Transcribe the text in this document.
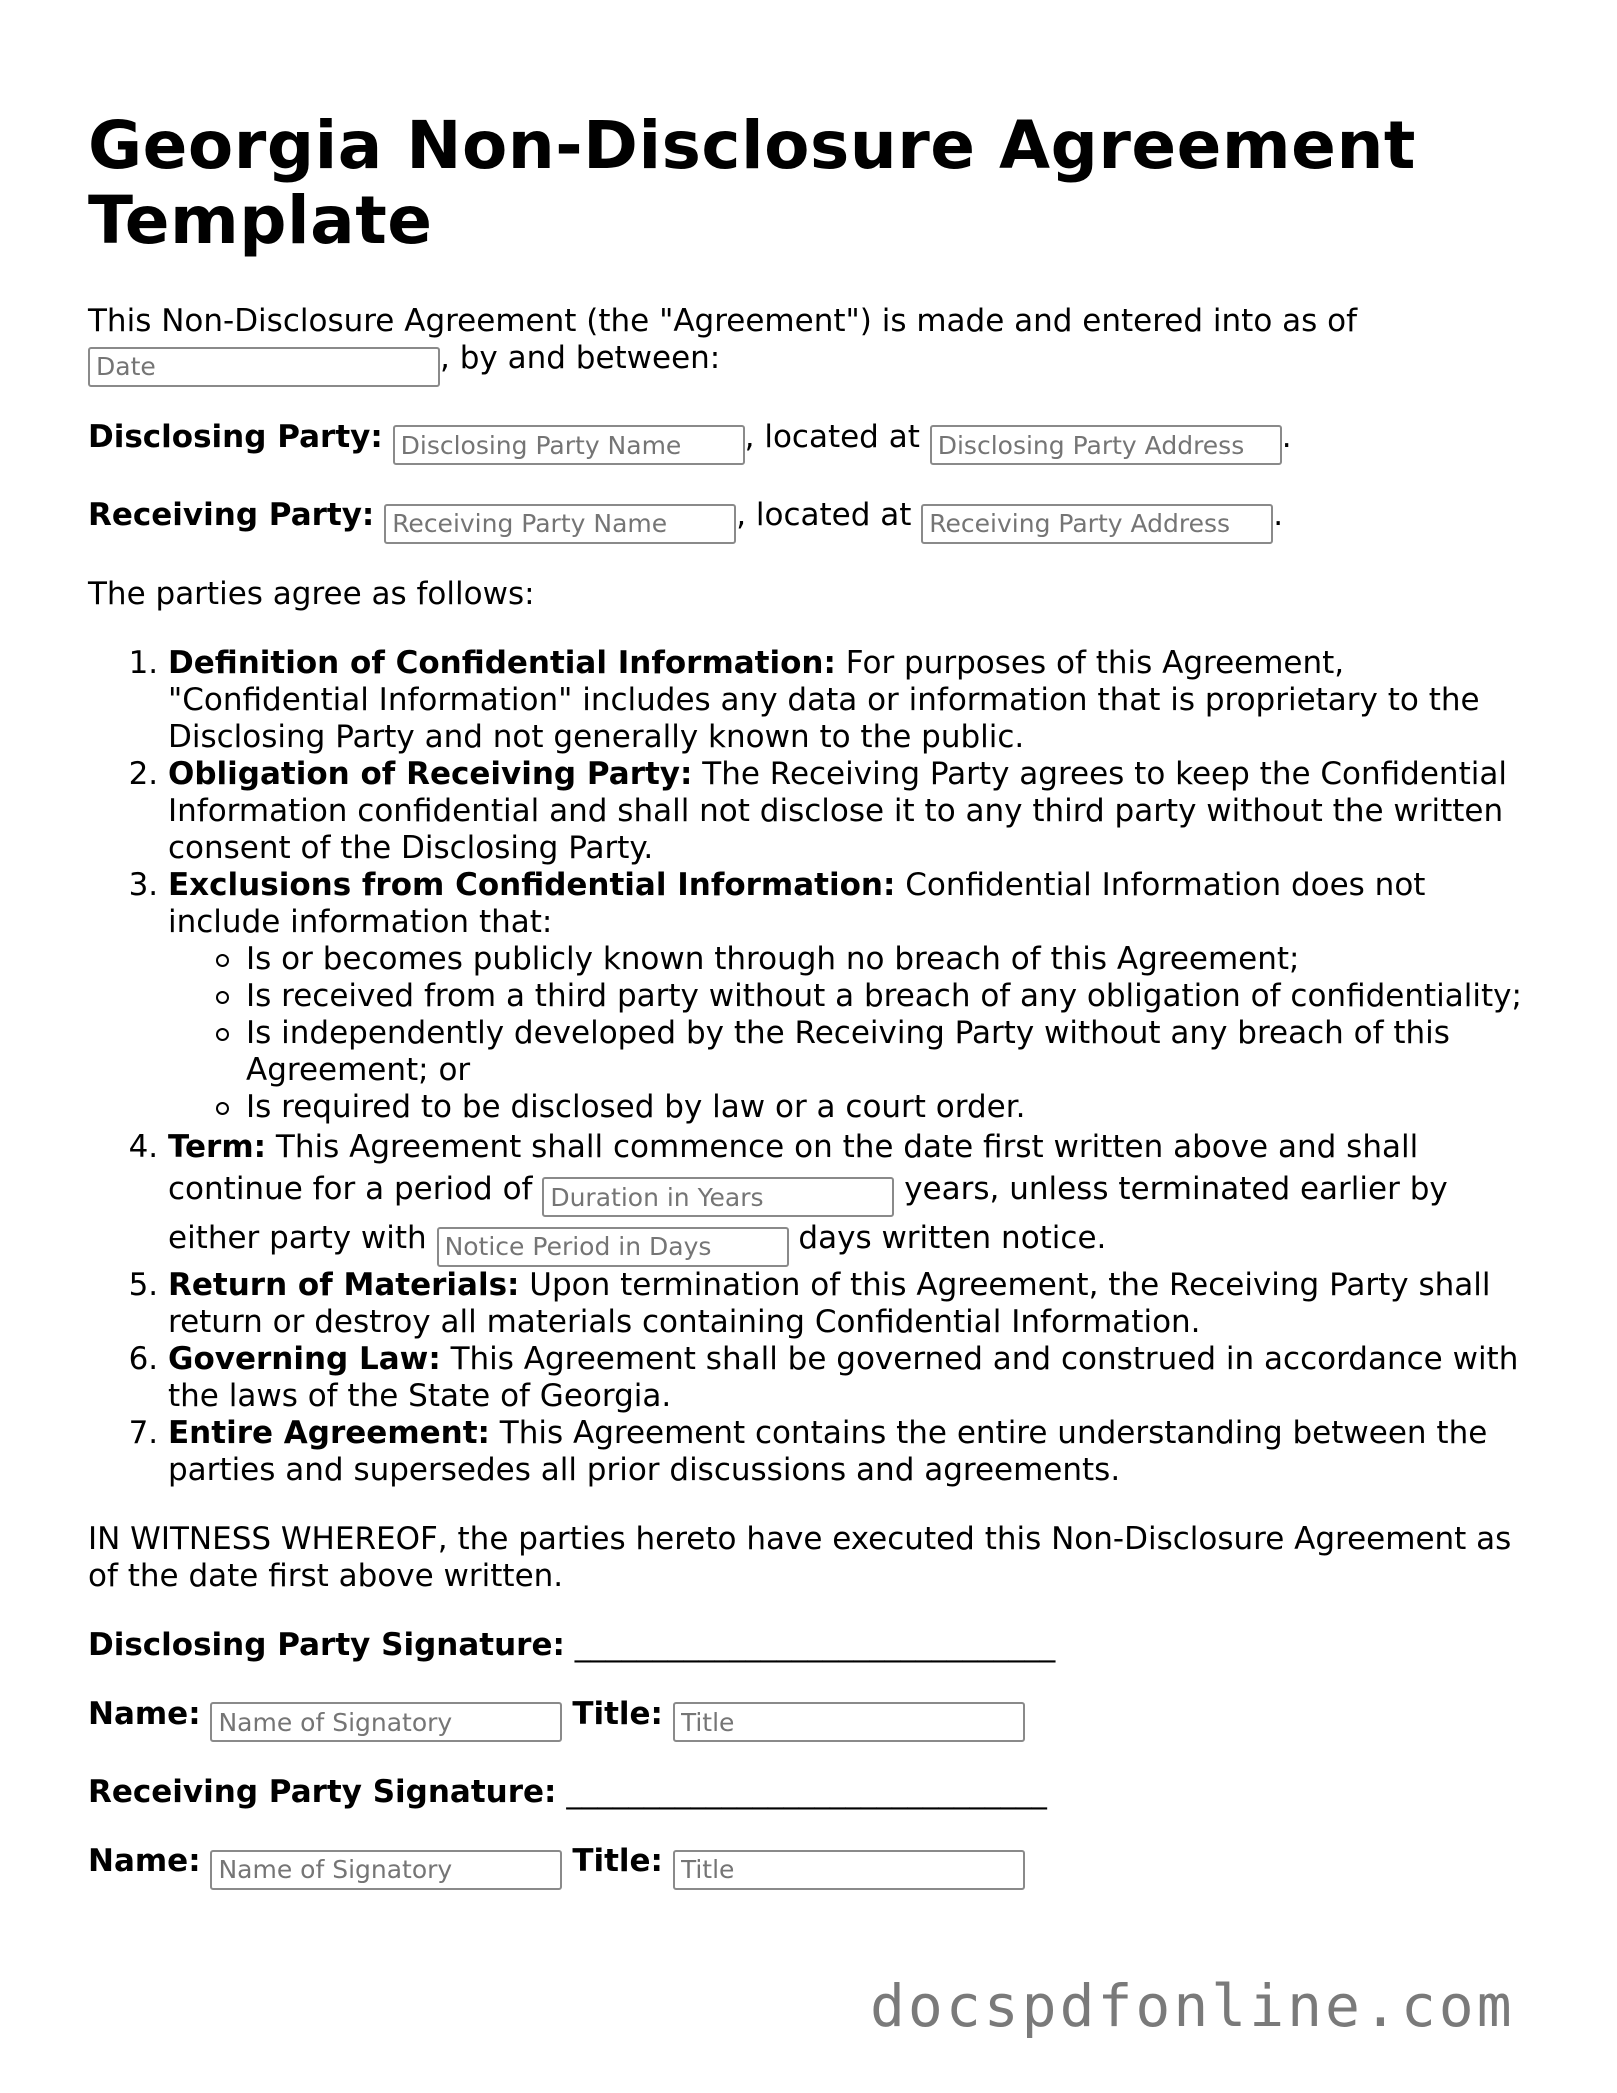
Georgia Non-Disclosure Agreement Template

This Non-Disclosure Agreement (the "Agreement") is made and entered into as of Date, by and between:

Disclosing Party: Disclosing Party Name	, located at Disclosing Party Address	.

Receiving Party: Receiving Party Name	, located at Receiving Party Address	.

The parties agree as follows:

1. Definition of Confidential Information: For purposes of this Agreement, "Confidential Information" includes any data or information that is proprietary to the Disclosing Party and not generally known to the public.
2. Obligation of Receiving Party: The Receiving Party agrees to keep the Confidential Information confidential and shall not disclose it to any third party without the written consent of the Disclosing Party.
3. Exclusions from Confidential Information: Confidential Information does not include information that:
Is or becomes publicly known through no breach of this Agreement;
Is received from a third party without a breach of any obligation of confidentiality;
Is independently developed by the Receiving Party without any breach of this Agreement; or
Is required to be disclosed by law or a court order.
4. Term: This Agreement shall commence on the date first written above and shall continue for a period of Duration in Years	years, unless terminated earlier by either party with Notice Period in Days	days written notice.
5. Return of Materials: Upon termination of this Agreement, the Receiving Party shall return or destroy all materials containing Confidential Information.
6. Governing Law: This Agreement shall be governed and construed in accordance with the laws of the State of Georgia.
7. Entire Agreement: This Agreement contains the entire understanding between the parties and supersedes all prior discussions and agreements.

IN WITNESS WHEREOF, the parties hereto have executed this Non-Disclosure Agreement as of the date first above written.

Disclosing Party Signature: _______________________________

Name: Name of Signatory	Title: Title

Receiving Party Signature: _______________________________

Name: Name of Signatory	Title: Title

docspdfonline.com
